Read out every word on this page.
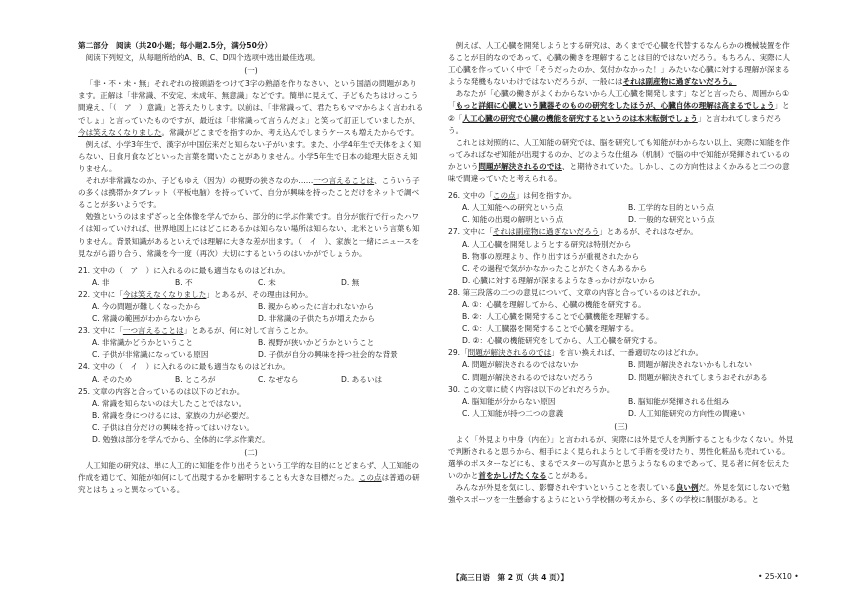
第二部分　阅读（共20小题；每小题2.5分，满分50分）

阅读下列短文，从每题所给的A、B、C、D四个选项中选出最佳选项。

(一)

「非・不・未・無」それぞれの接頭語をつけて3字の熟語を作りなさい、という国語の問題があります。正解は「非常識、不安定、未成年、無意識」などです。簡単に見えて、子どもたちはけっこう間違え、「（　ア　）意識」と答えたりします。以前は、「非常識って、君たちもママからよく言われるでしょ」と言っていたものですが、最近は「非常識って言うんだよ」と笑って訂正していましたが、今は笑えなくなりました。常識がどこまでを指すのか、考え込んでしまうケースも増えたからです。

例えば、小学3年生で、漢字が中国伝来だと知らない子がいます。また、小学4年生で天体をよく知らない、日食月食などといった言葉を聞いたことがありません。小学5年生で日本の総理大臣さえ知りません。

それが非常識なのか、子どもゆえ（因为）の視野の狭さなのか……一つ言えることは、こういう子の多くは携帯かタブレット（平板电脑）を持っていて、自分が興味を持ったことだけをネットで調べることが多いようです。

勉強というのはまずざっと全体像を学んでから、部分的に学ぶ作業です。自分が旅行で行ったハワイは知っていければ、世界地図上にはどこにあるかは知らない場所は知らない、北米という言葉も知りません。背景知識があるといえでは理解に大きな差が出ます。（　イ　）、家族と一緒にニュースを見ながら語り合う、常識を今一度（再次）大切にするというのはいかがでしょうか。

21. 文中の（　ア　）に入れるのに最も適当なものはどれか。

A. 非	B. 不	C. 未	D. 無

22. 文中に「今は笑えなくなりました」とあるが、その理由は何か。

A. 今の問題が難しくなったから	B. 親からめったに言われないから
C. 常識の範囲がわからないから	D. 非常識の子供たちが増えたから

23. 文中に「一つ言えることは」とあるが、何に対して言うことか。

A. 非常識かどうかということ	B. 視野が狭いかどうかということ
C. 子供が非常識になっている原因	D. 子供が自分の興味を持つ社会的な背景

24. 文中の（　イ　）に入れるのに最も適当なものはどれか。

A. そのため	B. ところが	C. なぜなら	D. あるいは

25. 文章の内容と合っているのは以下のどれか。

A. 常識を知らないのは大したことではない。
B. 常識を身につけるには、家族の力が必要だ。
C. 子供は自分だけの興味を持ってはいけない。
D. 勉強は部分を学んでから、全体的に学ぶ作業だ。

(二)

人工知能の研究は、単に人工的に知能を作り出そうという工学的な目的にとどまらず、人工知能の作成を通じて、知能が如何にして出現するかを解明することも大きな目標だった。この点は普通の研究とはちょっと異なっている。

例えば、人工心臓を開発しようとする研究は、あくまでで心臓を代替するなんらかの機械装置を作ることが目的なのであって、心臓の働きを理解することは目的ではないだろう。もちろん、実際に人工心臓を作っていく中で「そうだったのか、気付かなかった！」みたいな心臓に対する理解が深まるような発機もないわけではないだろうが、一般にはそれは副産物に過ぎないだろう。

あなたが「心臓の働きがよくわからないから人工心臓を開発します」などと言ったら、周囲から①「もっと詳細に心臓という臓器そのものの研究をしたほうが、心臓自体の理解は高まるでしょう」と②「人工心臓の研究で心臓の機能を研究するというのは本末転倒でしょう」と言われてしまうだろう。

これとは対照的に、人工知能の研究では、脳を研究しても知能がわからない以上、実際に知能を作ってみればなぜ知能が出現するのか、どのような仕組み（机制）で脳の中で知能が発揮されているのかという問題が解決されるのでは、と期待されていた。しかし、この方向性はよくかみると二つの意味で間違っていたと考えられる。

26. 文中の「この点」は何を指すか。

A. 人工知能への研究という点	B. 工学的な目的という点
C. 知能の出現の解明という点	D. 一般的な研究という点

27. 文中に「それは副産物に過ぎないだろう」とあるが、それはなぜか。

A. 人工心臓を開発しようとする研究は特別だから
B. 物事の原理より、作り出すほうが重視されたから
C. その過程で気がかなかったことがたくさんあるから
D. 心臓に対する理解が深まるようなきっかけがないから

28. 第三段落の二つの意見について、文章の内容と合っているのはどれか。

A. ①：心臓を理解してから、心臓の機能を研究する。
B. ②：人工心臓を開発することで心臓機能を理解する。
C. ①：人工臓器を開発することで心臓を理解する。
D. ②：心臓の機能研究をしてから、人工心臓を研究する。

29.「問題が解決されるのでは」を言い換えれば、一番適切なのはどれか。

A. 問題が解決されるのではないか	B. 問題が解決されないかもしれない
C. 問題が解決されるのではないだろう	D. 問題が解決されてしまうおそれがある

30. この文章に続く内容は以下のどれだろうか。

A. 脳知能が分からない原因	B. 脳知能が発揮される仕組み
C. 人工知能が持つ二つの意義	D. 人工知能研究の方向性の間違い

(三)

よく「外見より中身（内在）」と言われるが、実際には外見で人を判断することも少なくない。外見で判断されると思うから、相手によく見られようとして手術を受けたり、男性化粧品も売れている。選挙のポスターなどにも、まるでスターの写真かと思うようなものまであって、見る者に何を伝えたいのかと首をかしげたくなることがある。

みんなが外見を気にし、影響されやすいということを表している良い例だ。外見を気にしないで勉強やスポーツを一生懸命するようにという学校側の考えから、多くの学校に制服がある。と

【高三日语　第 2 页（共 4 页）】	• 25-X10 •
